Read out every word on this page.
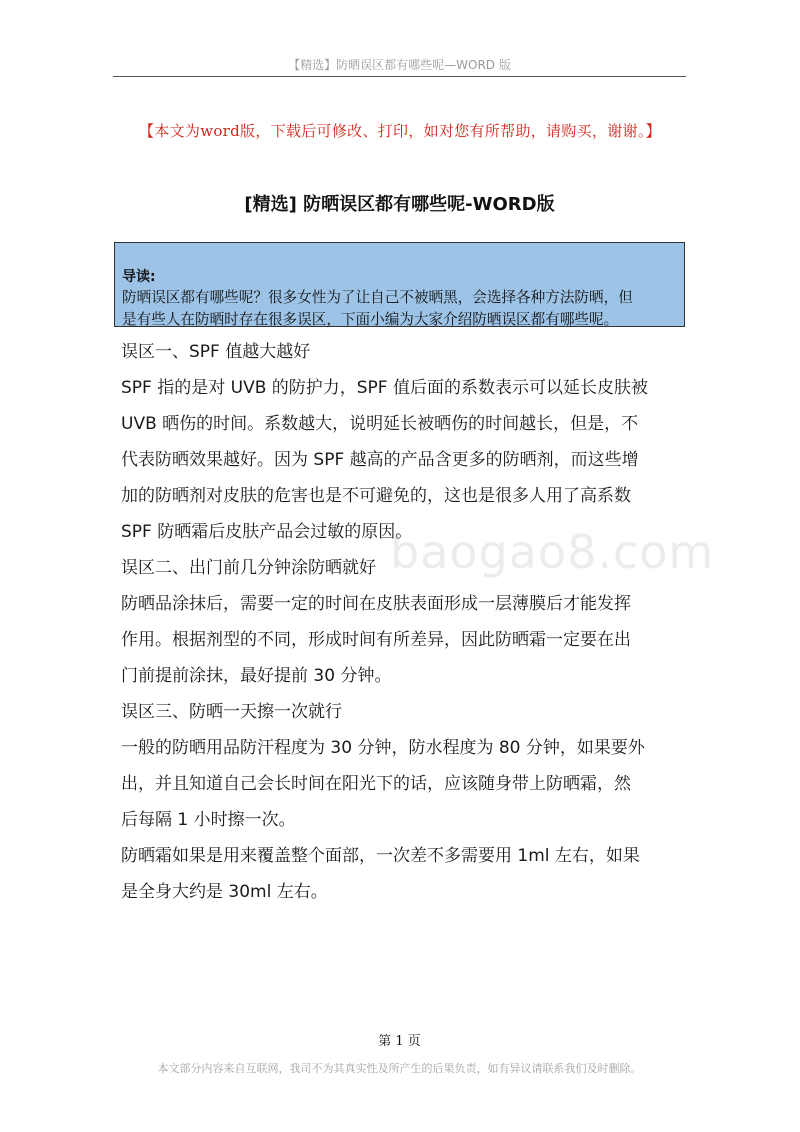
【精选】防晒误区都有哪些呢—WORD 版
【本文为word版，下载后可修改、打印，如对您有所帮助，请购买，谢谢。】
[精选] 防晒误区都有哪些呢-WORD版
导读:
防晒误区都有哪些呢？很多女性为了让自己不被晒黑，会选择各种方法防晒，但
是有些人在防晒时存在很多误区，下面小编为大家介绍防晒误区都有哪些呢。
baogao8.com

误区一、SPF 值越大越好

SPF 指的是对 UVB 的防护力，SPF 值后面的系数表示可以延长皮肤被

UVB 晒伤的时间。系数越大，说明延长被晒伤的时间越长，但是，不

代表防晒效果越好。因为 SPF 越高的产品含更多的防晒剂，而这些增

加的防晒剂对皮肤的危害也是不可避免的，这也是很多人用了高系数

SPF 防晒霜后皮肤产品会过敏的原因。

误区二、出门前几分钟涂防晒就好

防晒品涂抹后，需要一定的时间在皮肤表面形成一层薄膜后才能发挥

作用。根据剂型的不同，形成时间有所差异，因此防晒霜一定要在出

门前提前涂抹，最好提前 30 分钟。

误区三、防晒一天擦一次就行

一般的防晒用品防汗程度为 30 分钟，防水程度为 80 分钟，如果要外

出，并且知道自己会长时间在阳光下的话，应该随身带上防晒霜，然

后每隔 1 小时擦一次。

防晒霜如果是用来覆盖整个面部，一次差不多需要用 1ml 左右，如果

是全身大约是 30ml 左右。

第 1 页
本文部分内容来自互联网，我司不为其真实性及所产生的后果负责，如有异议请联系我们及时删除。
